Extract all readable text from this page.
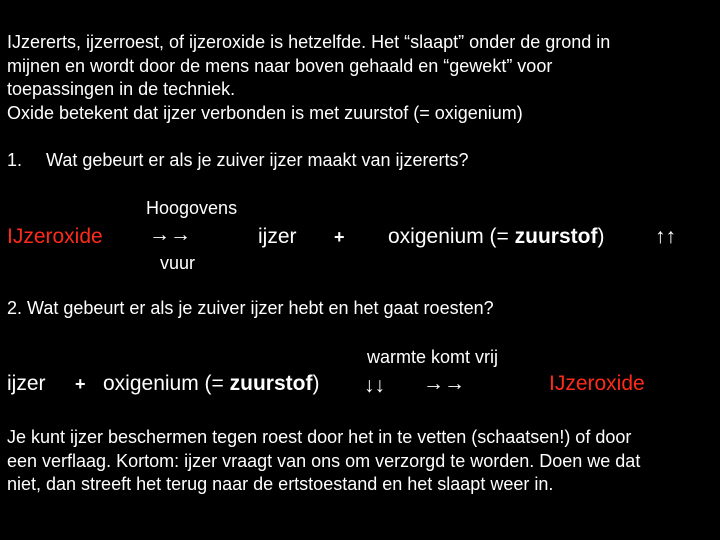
IJzererts, ijzerroest, of ijzeroxide is hetzelfde. Het “slaapt” onder de grond in
mijnen en wordt door de mens naar boven gehaald en “gewekt” voor
toepassingen in de techniek.
Oxide betekent dat ijzer verbonden is met zuurstof (= oxigenium)
1. Wat gebeurt er als je zuiver ijzer maakt van ijzererts?
Hoogovens
IJzeroxide →→
vuur
ijzer + oxigenium (= zuurstof) ↑↑
2. Wat gebeurt er als je zuiver ijzer hebt en het gaat roesten?
warmte komt vrij
ijzer + oxigenium (= zuurstof) ↓↓ →→	IJzeroxide
Je kunt ijzer beschermen tegen roest door het in te vetten (schaatsen!) of door
een verflaag. Kortom: ijzer vraagt van ons om verzorgd te worden. Doen we dat
niet, dan streeft het terug naar de ertstoestand en het slaapt weer in.
